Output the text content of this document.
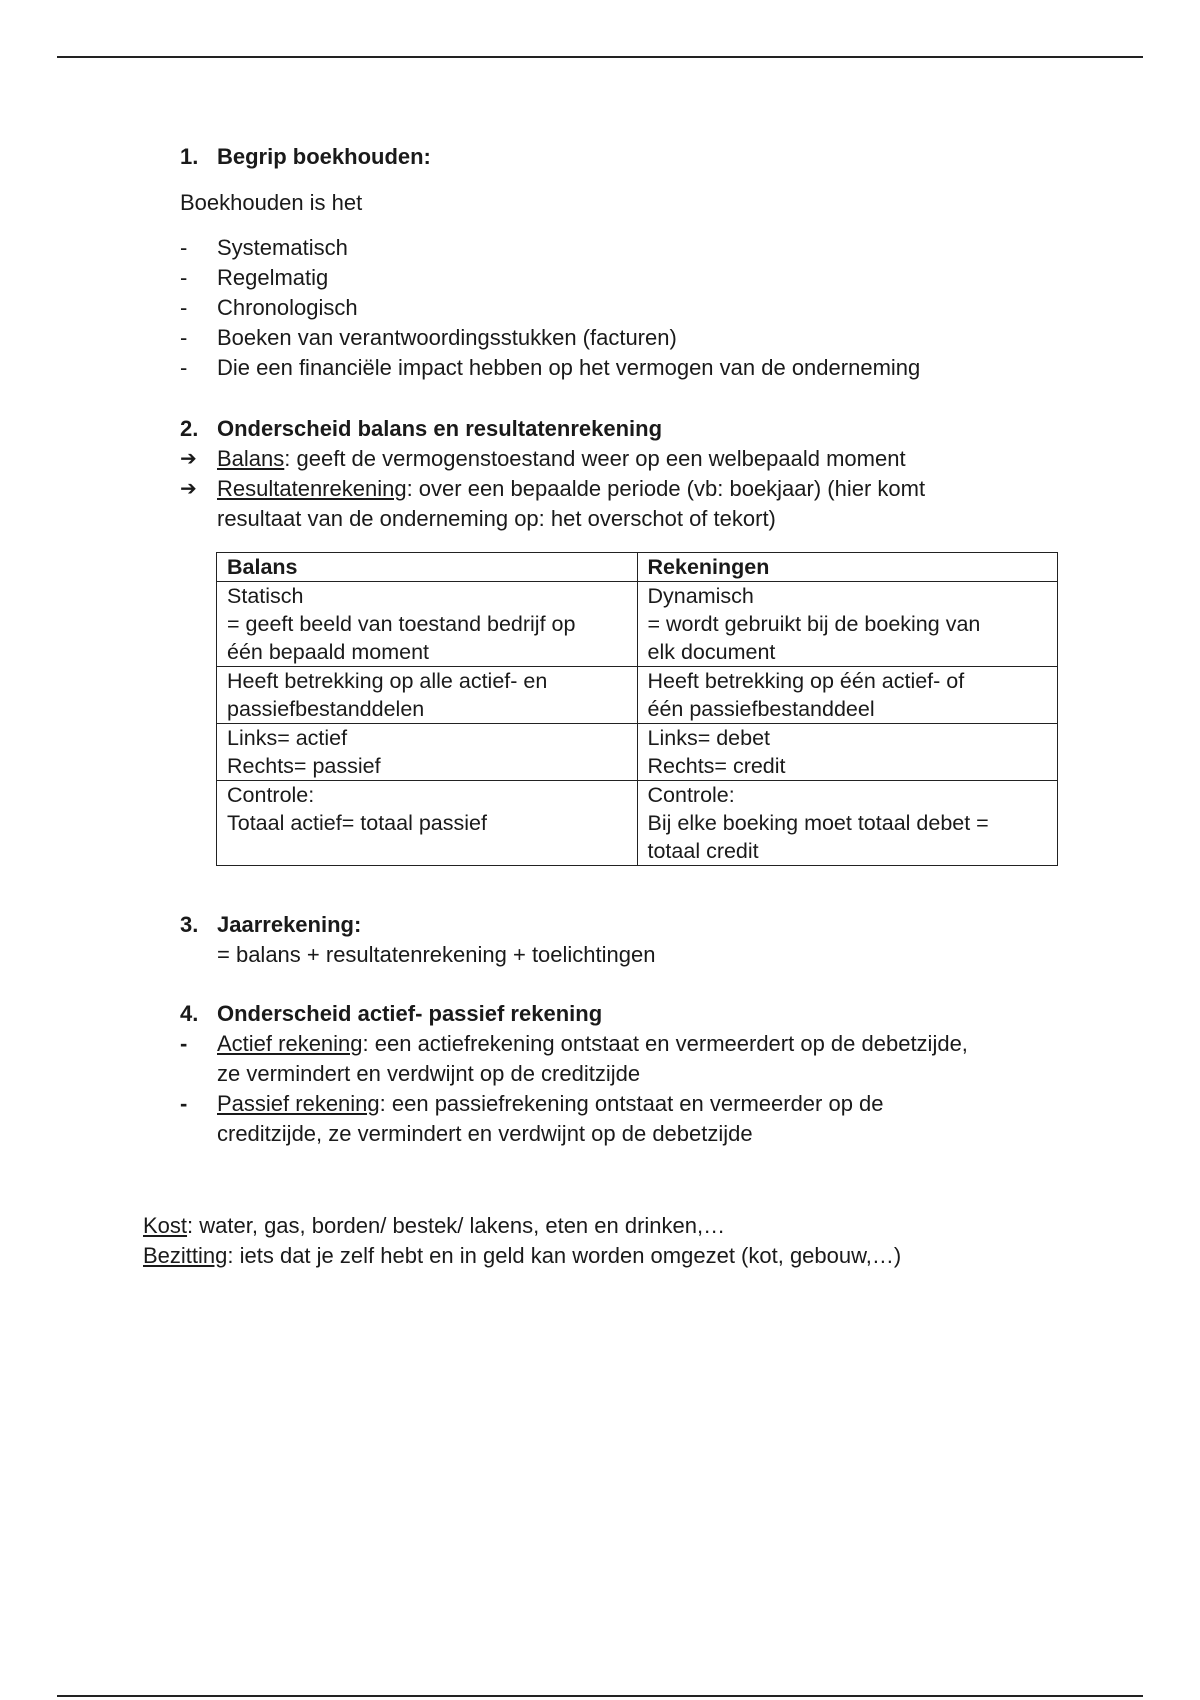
1. Begrip boekhouden:
Boekhouden is het
- Systematisch
- Regelmatig
- Chronologisch
- Boeken van verantwoordingsstukken (facturen)
- Die een financiële impact hebben op het vermogen van de onderneming
2. Onderscheid balans en resultatenrekening
➔ Balans: geeft de vermogenstoestand weer op een welbepaald moment
➔ Resultatenrekening: over een bepaalde periode (vb: boekjaar) (hier komt
resultaat van de onderneming op: het overschot of tekort)
Balans	Rekeningen

Statisch
= geeft beeld van toestand bedrijf op
één bepaald moment	Dynamisch
= wordt gebruikt bij de boeking van
elk document

Heeft betrekking op alle actief- en
passiefbestanddelen	Heeft betrekking op één actief- of
één passiefbestanddeel

Links= actief
Rechts= passief	Links= debet
Rechts= credit

Controle:
Totaal actief= totaal passief	Controle:
Bij elke boeking moet totaal debet =
totaal credit
3. Jaarrekening:
= balans + resultatenrekening + toelichtingen
4. Onderscheid actief- passief rekening
- Actief rekening: een actiefrekening ontstaat en vermeerdert op de debetzijde,
ze vermindert en verdwijnt op de creditzijde
- Passief rekening: een passiefrekening ontstaat en vermeerder op de
creditzijde, ze vermindert en verdwijnt op de debetzijde
Kost: water, gas, borden/ bestek/ lakens, eten en drinken,…
Bezitting: iets dat je zelf hebt en in geld kan worden omgezet (kot, gebouw,…)
